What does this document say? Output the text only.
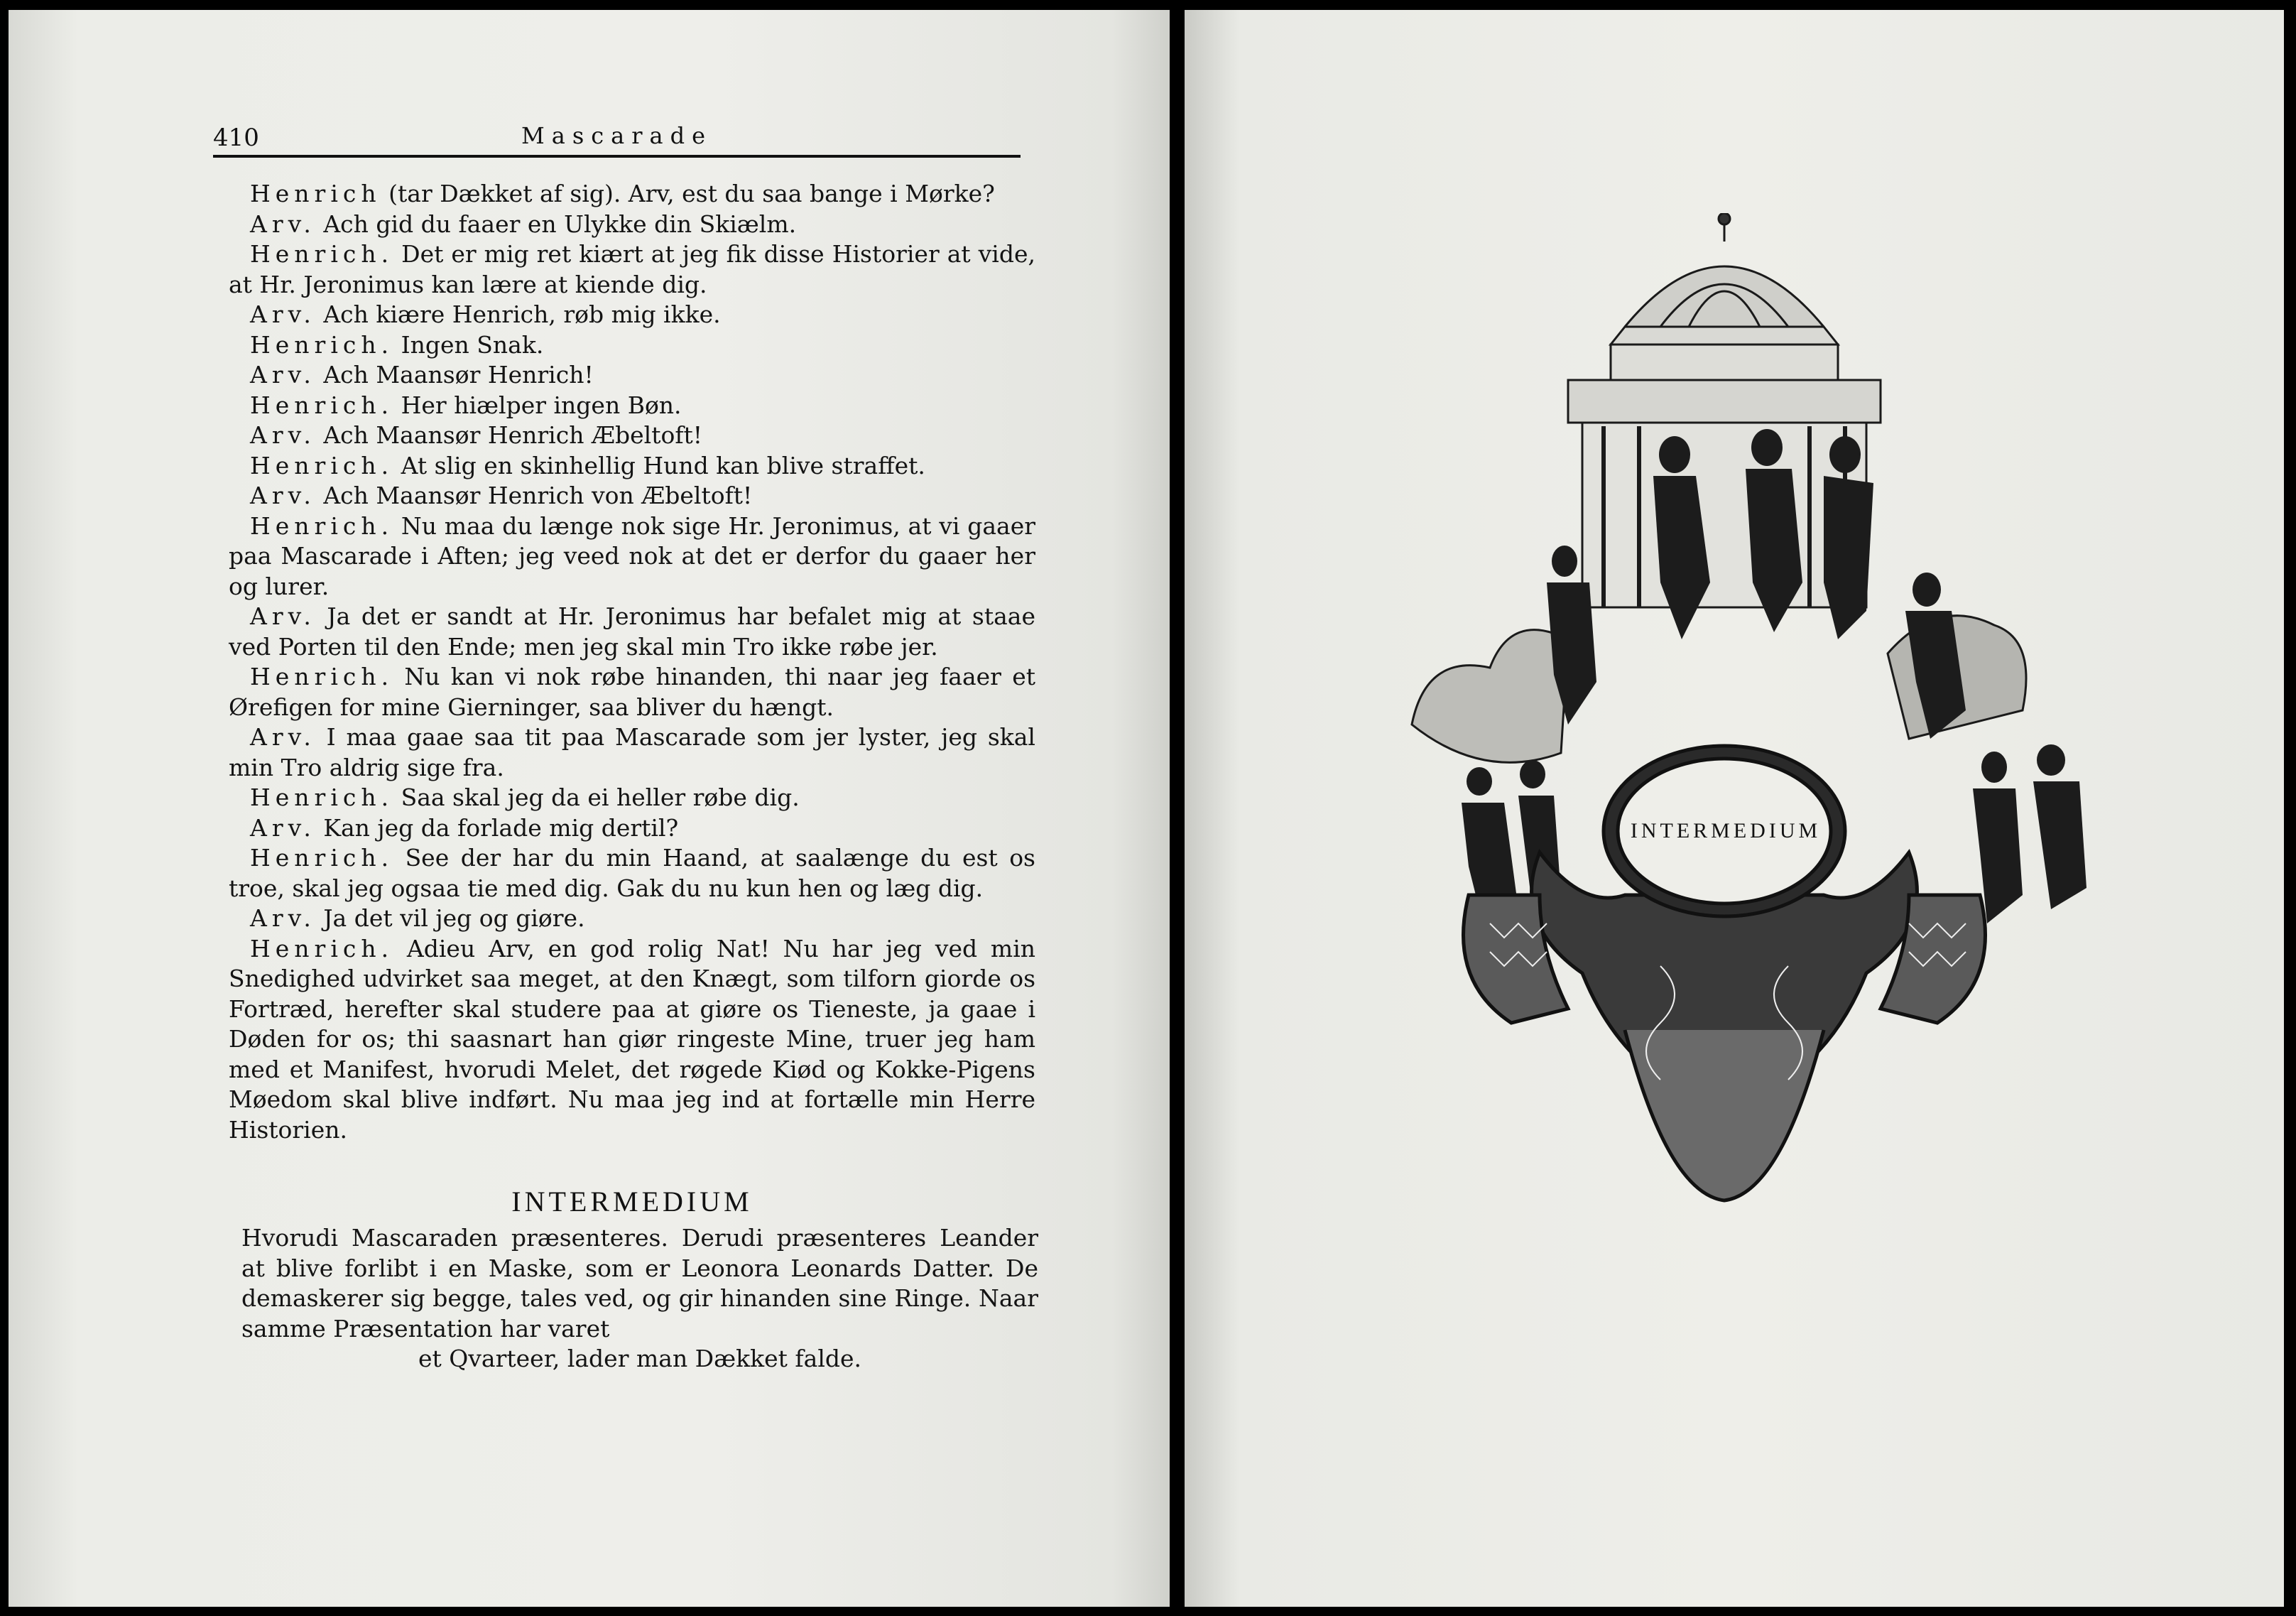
410	Mascarade

Henrich (tar Dækket af sig). Arv, est du saa bange i Mørke?

Arv. Ach gid du faaer en Ulykke din Skiælm.

Henrich. Det er mig ret kiært at jeg fik disse Historier at vide, at Hr. Jeronimus kan lære at kiende dig.

Arv. Ach kiære Henrich, røb mig ikke.

Henrich. Ingen Snak.

Arv. Ach Maansør Henrich!

Henrich. Her hiælper ingen Bøn.

Arv. Ach Maansør Henrich Æbeltoft!

Henrich. At slig en skinhellig Hund kan blive straffet.

Arv. Ach Maansør Henrich von Æbeltoft!

Henrich. Nu maa du længe nok sige Hr. Jeronimus, at vi gaaer paa Mascarade i Aften; jeg veed nok at det er derfor du gaaer her og lurer.

Arv. Ja det er sandt at Hr. Jeronimus har befalet mig at staae ved Porten til den Ende; men jeg skal min Tro ikke røbe jer.

Henrich. Nu kan vi nok røbe hinanden, thi naar jeg faaer et Ørefigen for mine Gierninger, saa bliver du hængt.

Arv. I maa gaae saa tit paa Mascarade som jer lyster, jeg skal min Tro aldrig sige fra.

Henrich. Saa skal jeg da ei heller røbe dig.

Arv. Kan jeg da forlade mig dertil?

Henrich. See der har du min Haand, at saalænge du est os troe, skal jeg ogsaa tie med dig. Gak du nu kun hen og læg dig.

Arv. Ja det vil jeg og giøre.

Henrich. Adieu Arv, en god rolig Nat! Nu har jeg ved min Snedighed udvirket saa meget, at den Knægt, som tilforn giorde os Fortræd, herefter skal studere paa at giøre os Tieneste, ja gaae i Døden for os; thi saasnart han giør ringeste Mine, truer jeg ham med et Manifest, hvorudi Melet, det røgede Kiød og Kokke-Pigens Møedom skal blive indført. Nu maa jeg ind at fortælle min Herre Historien.

INTERMEDIUM
Hvorudi Mascaraden præsenteres. Derudi præsenteres Leander at blive forlibt i en Maske, som er Leonora Leonards Datter. De demaskerer sig begge, tales ved, og gir hinanden sine Ringe. Naar samme Præsentation har varet
et Qvarteer, lader man Dækket falde.
INTERMEDIUM
